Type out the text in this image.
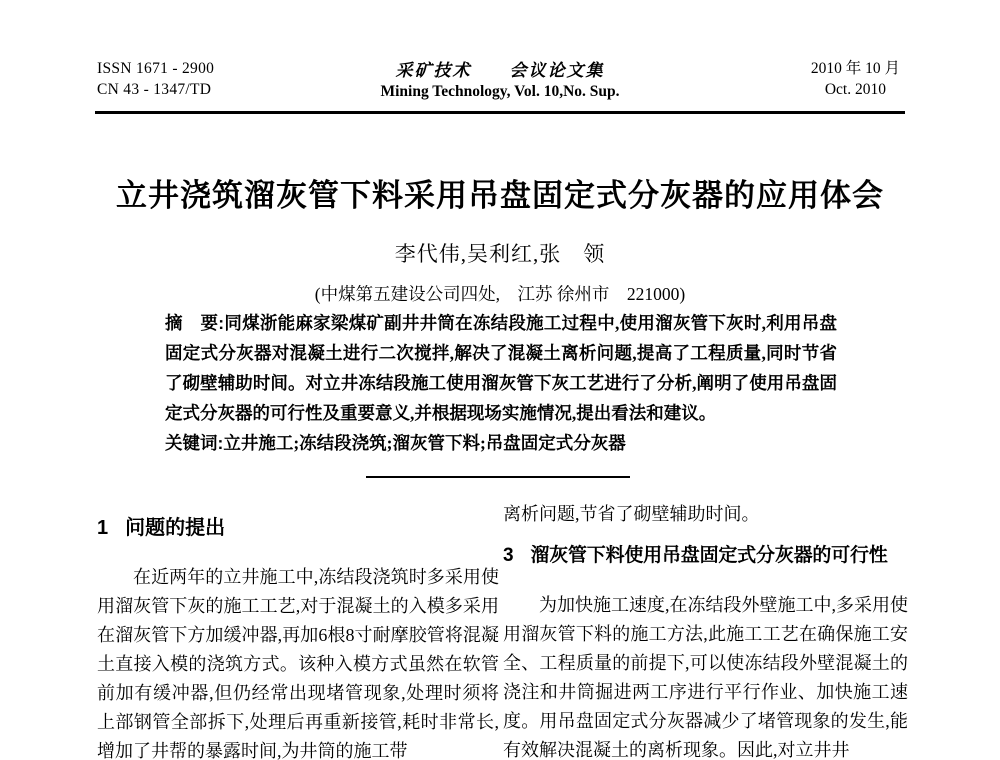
ISSN 1671 - 2900
CN 43 - 1347/TD
采矿技术　　会议论文集
Mining Technology, Vol. 10,No. Sup.
2010 年 10 月
Oct. 2010
立井浇筑溜灰管下料采用吊盘固定式分灰器的应用体会
李代伟,吴利红,张　领
(中煤第五建设公司四处,　江苏 徐州市　221000)

摘　要:同煤浙能麻家梁煤矿副井井筒在冻结段施工过程中,使用溜灰管下灰时,利用吊盘固定式分灰器对混凝土进行二次搅拌,解决了混凝土离析问题,提高了工程质量,同时节省了砌壁辅助时间。对立井冻结段施工使用溜灰管下灰工艺进行了分析,阐明了使用吊盘固定式分灰器的可行性及重要意义,并根据现场实施情况,提出看法和建议。

关键词:立井施工;冻结段浇筑;溜灰管下料;吊盘固定式分灰器

1 问题的提出

在近两年的立井施工中,冻结段浇筑时多采用使用溜灰管下灰的施工工艺,对于混凝土的入模多采用在溜灰管下方加缓冲器,再加6根8寸耐摩胶管将混凝土直接入模的浇筑方式。该种入模方式虽然在软管前加有缓冲器,但仍经常出现堵管现象,处理时须将上部钢管全部拆下,处理后再重新接管,耗时非常长,增加了井帮的暴露时间,为井筒的施工带

离析问题,节省了砌壁辅助时间。

3 溜灰管下料使用吊盘固定式分灰器的可行性

为加快施工速度,在冻结段外壁施工中,多采用使用溜灰管下料的施工方法,此施工工艺在确保施工安全、工程质量的前提下,可以使冻结段外壁混凝土的浇注和井筒掘进两工序进行平行作业、加快施工速度。用吊盘固定式分灰器减少了堵管现象的发生,能有效解决混凝土的离析现象。因此,对立井井
